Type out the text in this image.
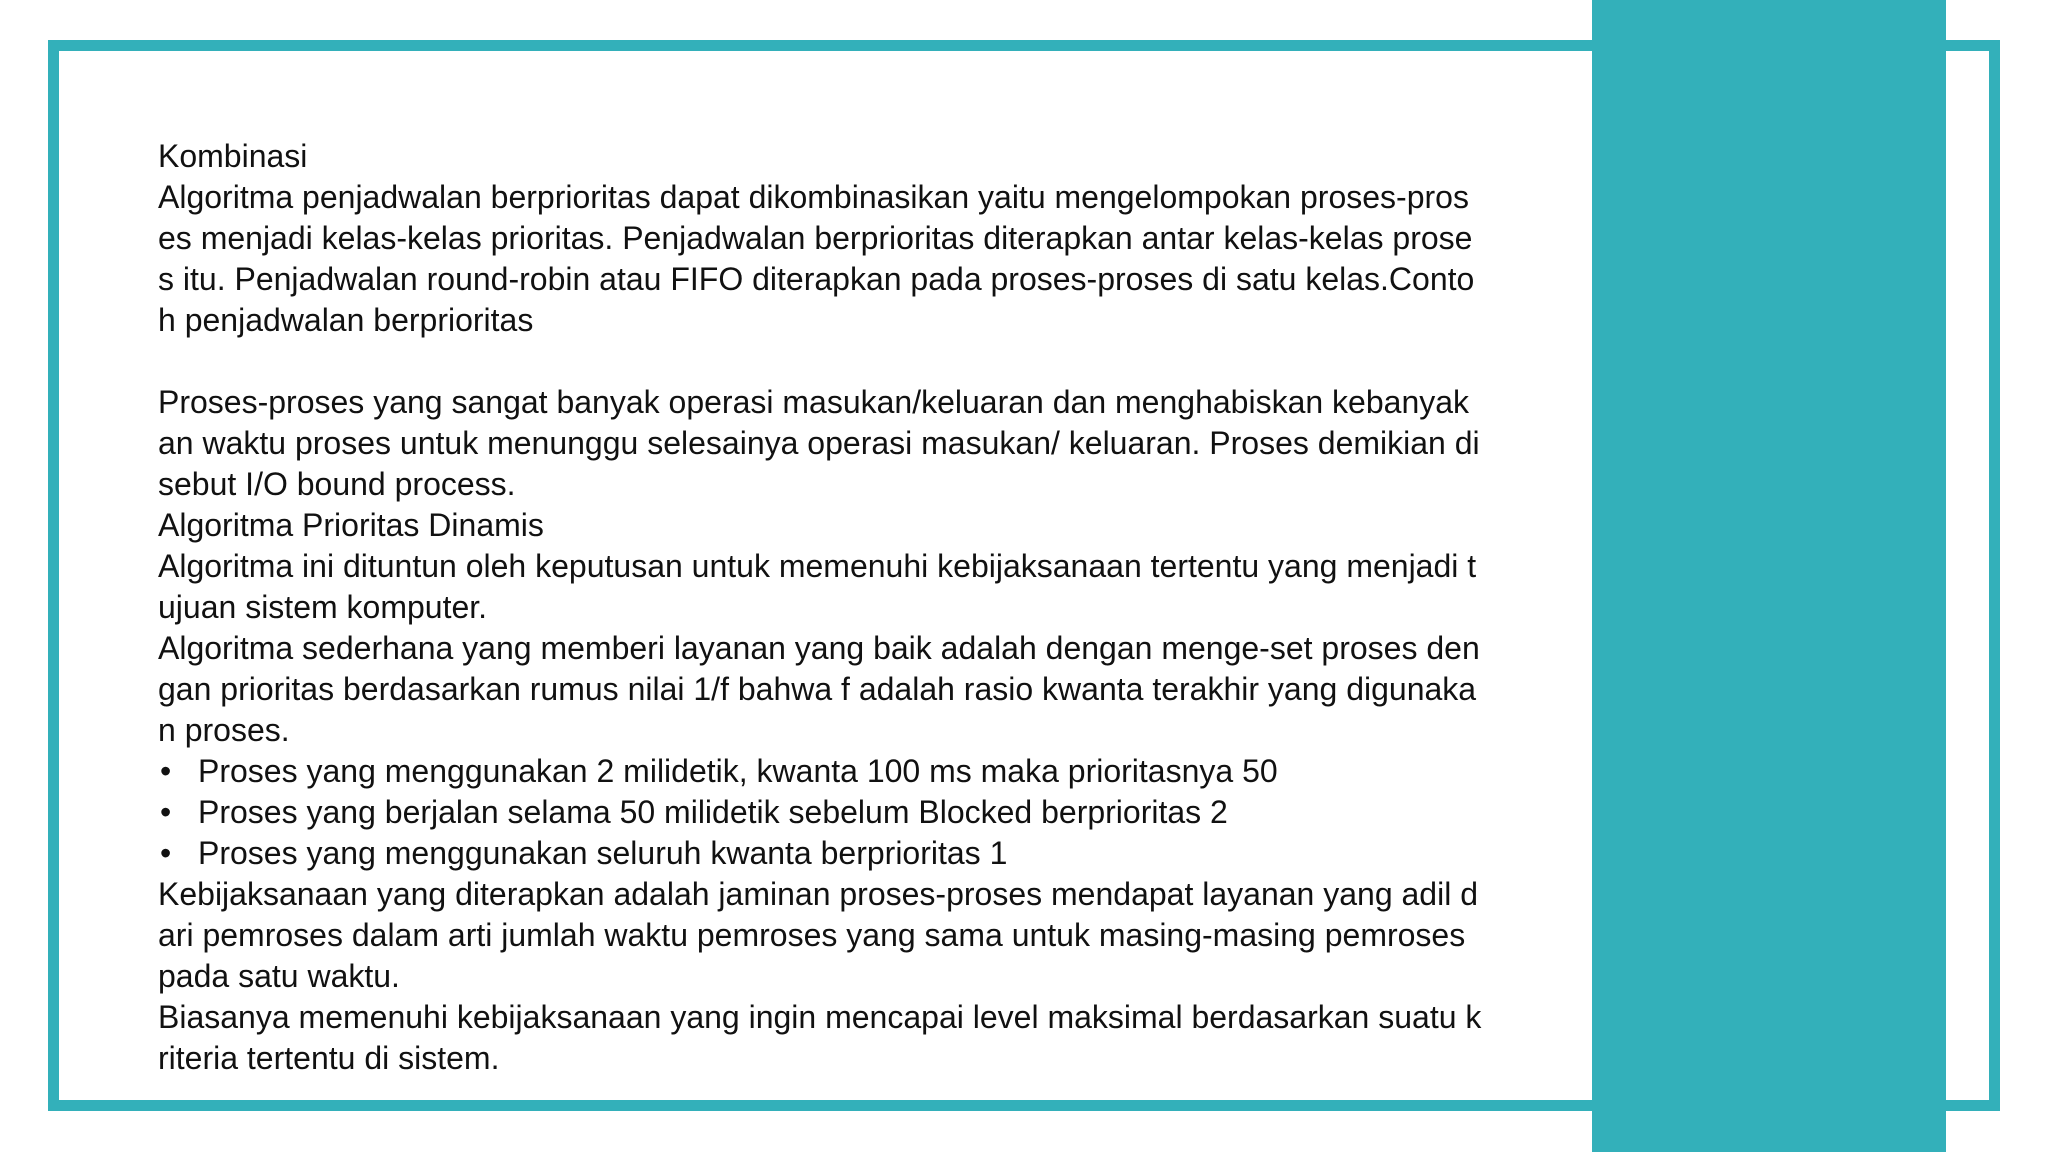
Kombinasi
Algoritma penjadwalan berprioritas dapat dikombinasikan yaitu mengelompokan proses-pros
es menjadi kelas-kelas prioritas. Penjadwalan berprioritas diterapkan antar kelas-kelas prose
s itu. Penjadwalan round-robin atau FIFO diterapkan pada proses-proses di satu kelas.Conto
h penjadwalan berprioritas
Proses-proses yang sangat banyak operasi masukan/keluaran dan menghabiskan kebanyak
an waktu proses untuk menunggu selesainya operasi masukan/ keluaran. Proses demikian di
sebut I/O bound process.
Algoritma Prioritas Dinamis
Algoritma ini dituntun oleh keputusan untuk memenuhi kebijaksanaan tertentu yang menjadi t
ujuan sistem komputer.
Algoritma sederhana yang memberi layanan yang baik adalah dengan menge-set proses den
gan prioritas berdasarkan rumus nilai 1/f bahwa f adalah rasio kwanta terakhir yang digunaka
n proses.
• Proses yang menggunakan 2 milidetik, kwanta 100 ms maka prioritasnya 50
• Proses yang berjalan selama 50 milidetik sebelum Blocked berprioritas 2
• Proses yang menggunakan seluruh kwanta berprioritas 1
Kebijaksanaan yang diterapkan adalah jaminan proses-proses mendapat layanan yang adil d
ari pemroses dalam arti jumlah waktu pemroses yang sama untuk masing-masing pemroses
pada satu waktu.
Biasanya memenuhi kebijaksanaan yang ingin mencapai level maksimal berdasarkan suatu k
riteria tertentu di sistem.
